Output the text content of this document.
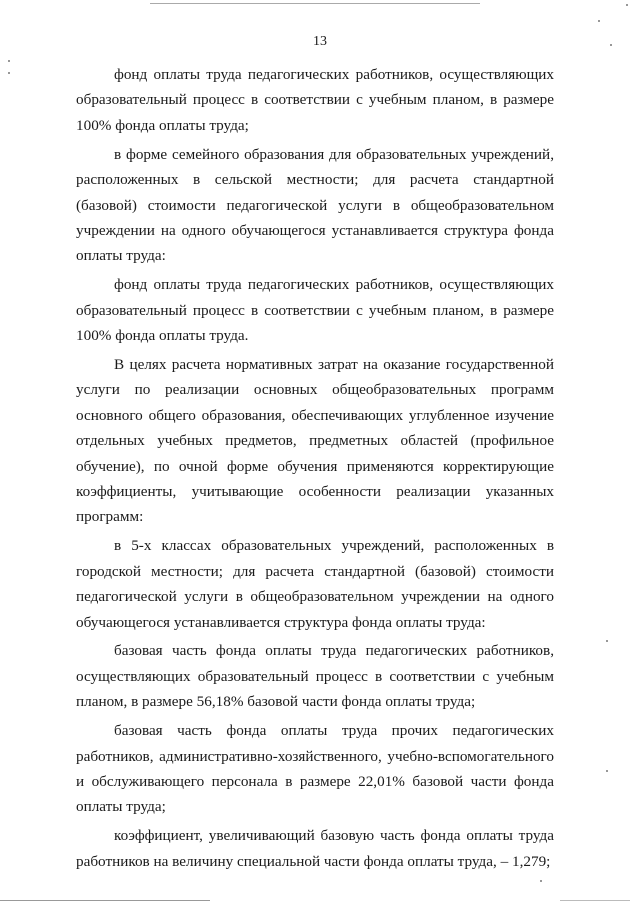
13

фонд оплаты труда педагогических работников, осуществляющих образовательный процесс в соответствии с учебным планом, в размере 100% фонда оплаты труда;

в форме семейного образования для образовательных учреждений, расположенных в сельской местности; для расчета стандартной (базовой) стоимости педагогической услуги в общеобразовательном учреждении на одного обучающегося устанавливается структура фонда оплаты труда:

фонд оплаты труда педагогических работников, осуществляющих образовательный процесс в соответствии с учебным планом, в размере 100% фонда оплаты труда.

В целях расчета нормативных затрат на оказание государственной услуги по реализации основных общеобразовательных программ основного общего образования, обеспечивающих углубленное изучение отдельных учебных предметов, предметных областей (профильное обучение), по очной форме обучения применяются корректирующие коэффициенты, учитывающие особенности реализации указанных программ:

в 5-х классах образовательных учреждений, расположенных в городской местности; для расчета стандартной (базовой) стоимости педагогической услуги в общеобразовательном учреждении на одного обучающегося устанавливается структура фонда оплаты труда:

базовая часть фонда оплаты труда педагогических работников, осуществляющих образовательный процесс в соответствии с учебным планом, в размере 56,18% базовой части фонда оплаты труда;

базовая часть фонда оплаты труда прочих педагогических работников, административно-хозяйственного, учебно-вспомогательного и обслуживающего персонала в размере 22,01% базовой части фонда оплаты труда;

коэффициент, увеличивающий базовую часть фонда оплаты труда работников на величину специальной части фонда оплаты труда, – 1,279;
